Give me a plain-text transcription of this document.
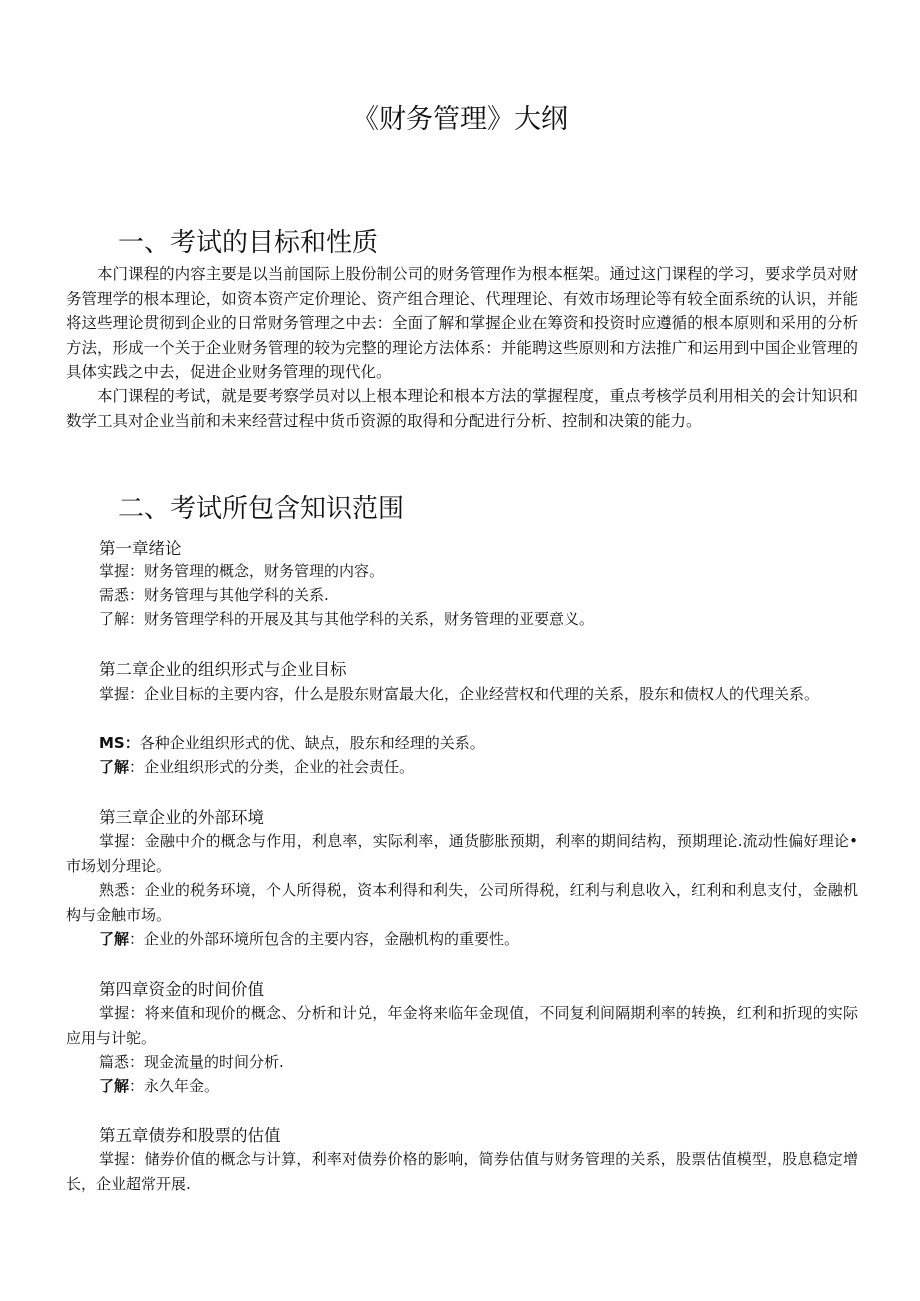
《财务管理》大纲
一、考试的目标和性质

本门课程的内容主要是以当前国际上股份制公司的财务管理作为根本框架。通过这门课程的学习，要求学员对财务管理学的根本理论，如资本资产定价理论、资产组合理论、代理理论、有效市场理论等有较全面系统的认识，并能将这些理论贯彻到企业的日常财务管理之中去：全面了解和掌握企业在筹资和投资时应遵循的根本原则和采用的分析方法，形成一个关于企业财务管理的较为完整的理论方法体系：并能聘这些原则和方法推广和运用到中国企业管理的具体实践之中去，促进企业财务管理的现代化。

本门课程的考试，就是要考察学员对以上根本理论和根本方法的掌握程度，重点考核学员利用相关的会计知识和数学工具对企业当前和未来经营过程中货币资源的取得和分配进行分析、控制和决策的能力。

二、考试所包含知识范围
第一章绪论

掌握：财务管理的概念，财务管理的内容。

需悉：财务管理与其他学科的关系.

了解：财务管理学科的开展及其与其他学科的关系，财务管理的亚要意义。

第二章企业的组织形式与企业目标

掌握：企业目标的主要内容，什么是股东财富最大化，企业经营权和代理的关系，股东和债权人的代理关系。

MS：各种企业组织形式的优、缺点，股东和经理的关系。

了解：企业组织形式的分类，企业的社会责任。

第三章企业的外部环境

掌握：金融中介的概念与作用，利息率，实际利率，通货膨胀预期，利率的期间结构，预期理论.流动性偏好理论•市场划分理论。

熟悉：企业的税务环境，个人所得税，资本利得和利失，公司所得税，红利与利息收入，红利和利息支付，金融机构与金触市场。

了解：企业的外部环境所包含的主要内容，金融机构的重要性。

第四章资金的时间价值

掌握：将来值和现价的概念、分析和计兑，年金将来临年金现值，不同复利间隔期利率的转换，红利和折现的实际应用与计鸵。

篇悉：现金流量的时间分析.

了解：永久年金。

第五章债券和股票的估值

掌握：储券价值的概念与计算，利率对债券价格的影响，简券估值与财务管理的关系，股票估值模型，股息稳定增长，企业超常开展.
